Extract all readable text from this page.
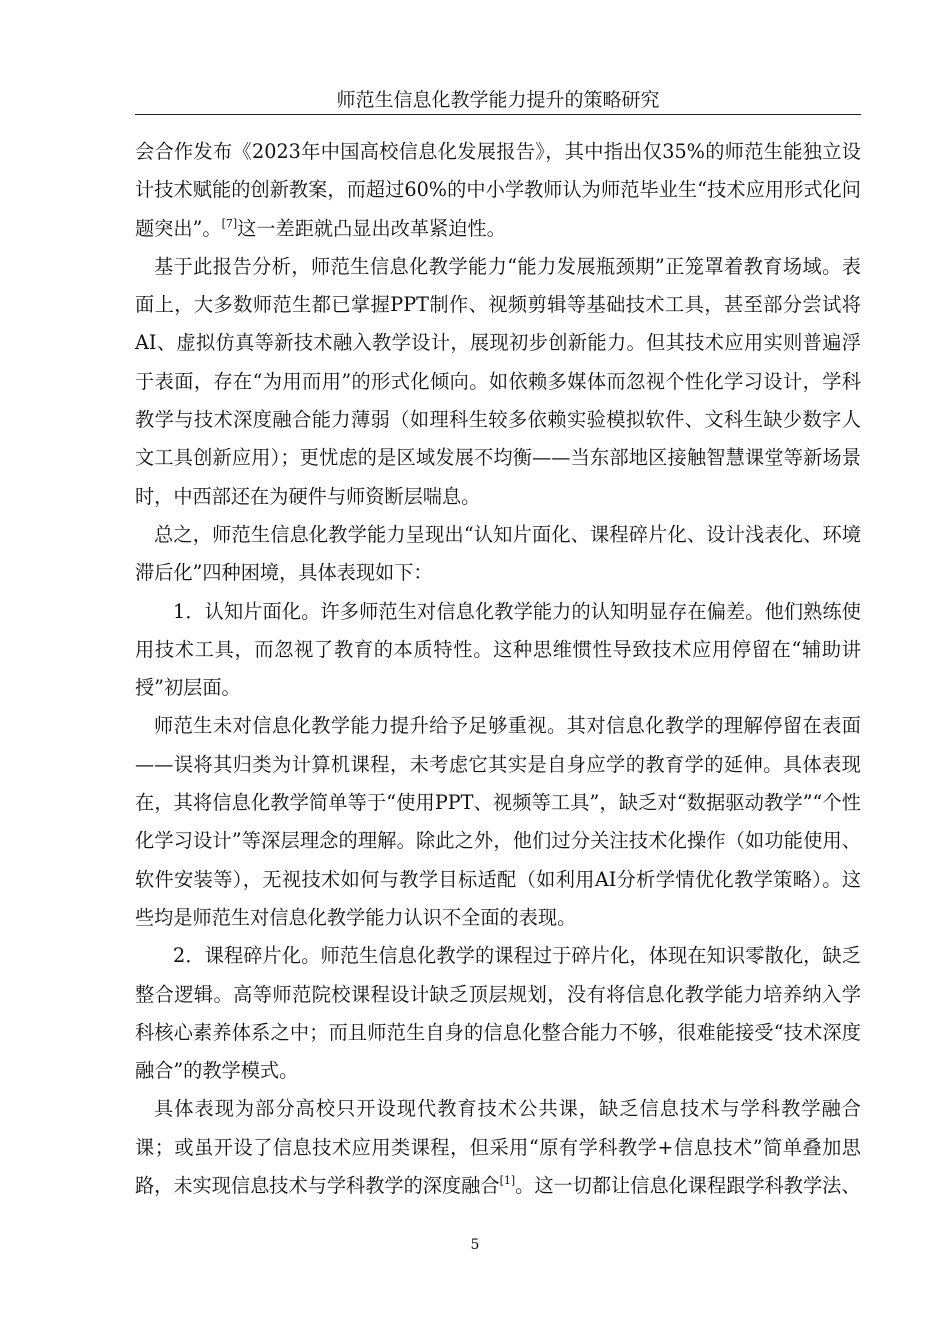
师范生信息化教学能力提升的策略研究

会合作发布《2023年中国高校信息化发展报告》，其中指出仅35%的师范生能独立设计技术赋能的创新教案，而超过60%的中小学教师认为师范毕业生“技术应用形式化问题突出”。[7]这一差距就凸显出改革紧迫性。

基于此报告分析，师范生信息化教学能力“能力发展瓶颈期”正笼罩着教育场域。表面上，大多数师范生都已掌握PPT制作、视频剪辑等基础技术工具，甚至部分尝试将AI、虚拟仿真等新技术融入教学设计，展现初步创新能力。但其技术应用实则普遍浮于表面，存在“为用而用”的形式化倾向。如依赖多媒体而忽视个性化学习设计，学科教学与技术深度融合能力薄弱（如理科生较多依赖实验模拟软件、文科生缺少数字人文工具创新应用）；更忧虑的是区域发展不均衡——当东部地区接触智慧课堂等新场景时，中西部还在为硬件与师资断层喘息。

总之，师范生信息化教学能力呈现出“认知片面化、课程碎片化、设计浅表化、环境滞后化”四种困境，具体表现如下：

1．认知片面化。许多师范生对信息化教学能力的认知明显存在偏差。他们熟练使用技术工具，而忽视了教育的本质特性。这种思维惯性导致技术应用停留在“辅助讲授”初层面。

师范生未对信息化教学能力提升给予足够重视。其对信息化教学的理解停留在表面——误将其归类为计算机课程，未考虑它其实是自身应学的教育学的延伸。具体表现在，其将信息化教学简单等于“使用PPT、视频等工具”，缺乏对“数据驱动教学”“个性化学习设计”等深层理念的理解。除此之外，他们过分关注技术化操作（如功能使用、软件安装等），无视技术如何与教学目标适配（如利用AI分析学情优化教学策略）。这些均是师范生对信息化教学能力认识不全面的表现。

2．课程碎片化。师范生信息化教学的课程过于碎片化，体现在知识零散化，缺乏整合逻辑。高等师范院校课程设计缺乏顶层规划，没有将信息化教学能力培养纳入学科核心素养体系之中；而且师范生自身的信息化整合能力不够，很难能接受“技术深度融合”的教学模式。

具体表现为部分高校只开设现代教育技术公共课，缺乏信息技术与学科教学融合课；或虽开设了信息技术应用类课程，但采用“原有学科教学+信息技术”简单叠加思路，未实现信息技术与学科教学的深度融合[1]。这一切都让信息化课程跟学科教学法、

5
